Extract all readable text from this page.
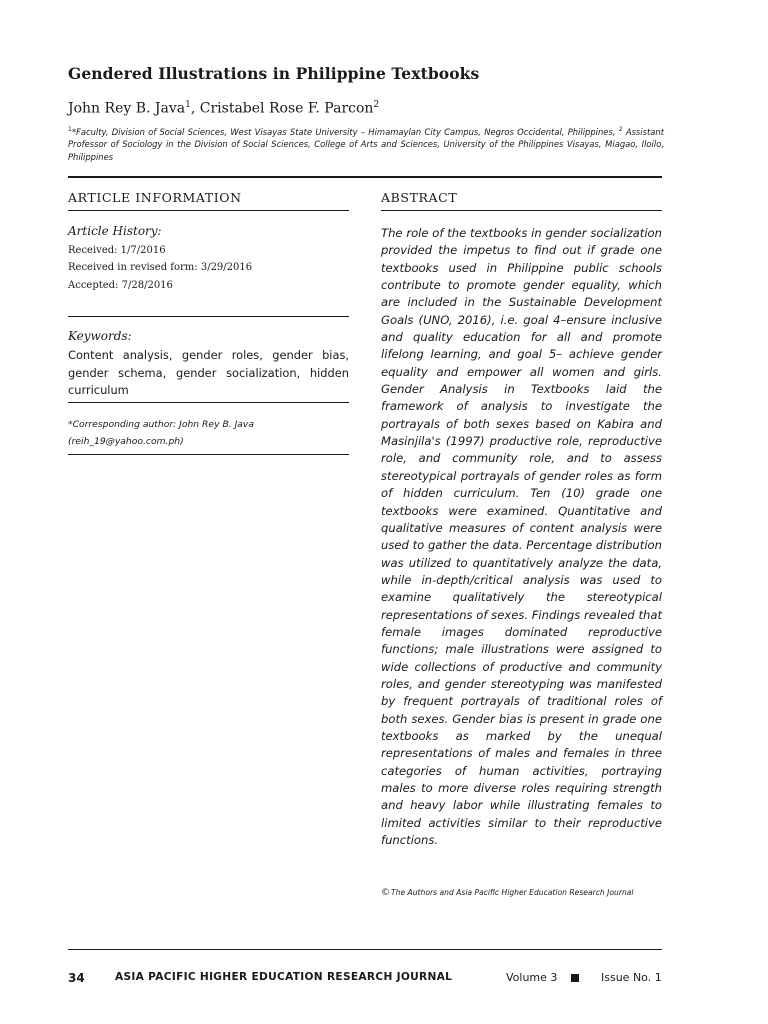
Gendered Illustrations in Philippine Textbooks
John Rey B. Java$^1$, Cristabel Rose F. Parcon$^2$
$^1$*Faculty, Division of Social Sciences, West Visayas State University – Himamaylan City Campus, Negros Occidental, Philippines, $^2$ Assistant Professor of Sociology in the Division of Social Sciences, College of Arts and Sciences, University of the Philippines Visayas, Miagao, Iloilo, Philippines
ARTICLE INFORMATION
Article History:
Received: 1/7/2016
Received in revised form: 3/29/2016
Accepted: 7/28/2016
Keywords:
Content analysis, gender roles, gender bias, gender schema, gender socialization, hidden curriculum
*Corresponding author: John Rey B. Java
(reih_19@yahoo.com.ph)
ABSTRACT
The role of the textbooks in gender socialization provided the impetus to find out if grade one textbooks used in Philippine public schools contribute to promote gender equality, which are included in the Sustainable Development Goals (UNO, 2016), i.e. goal 4–ensure inclusive and quality education for all and promote lifelong learning, and goal 5– achieve gender equality and empower all women and girls. Gender Analysis in Textbooks laid the framework of analysis to investigate the portrayals of both sexes based on Kabira and Masinjila's (1997) productive role, reproductive role, and community role, and to assess stereotypical portrayals of gender roles as form of hidden curriculum. Ten (10) grade one textbooks were examined. Quantitative and qualitative measures of content analysis were used to gather the data. Percentage distribution was utilized to quantitatively analyze the data, while in-depth/critical analysis was used to examine qualitatively the stereotypical representations of sexes. Findings revealed that female images dominated reproductive functions; male illustrations were assigned to wide collections of productive and community roles, and gender stereotyping was manifested by frequent portrayals of traditional roles of both sexes. Gender bias is present in grade one textbooks as marked by the unequal representations of males and females in three categories of human activities, portraying males to more diverse roles requiring strength and heavy labor while illustrating females to limited activities similar to their reproductive functions.
©The Authors and Asia Pacific Higher Education Research Journal
34	ASIA PACIFIC HIGHER EDUCATION RESEARCH JOURNAL	Volume 3	Issue No. 1
